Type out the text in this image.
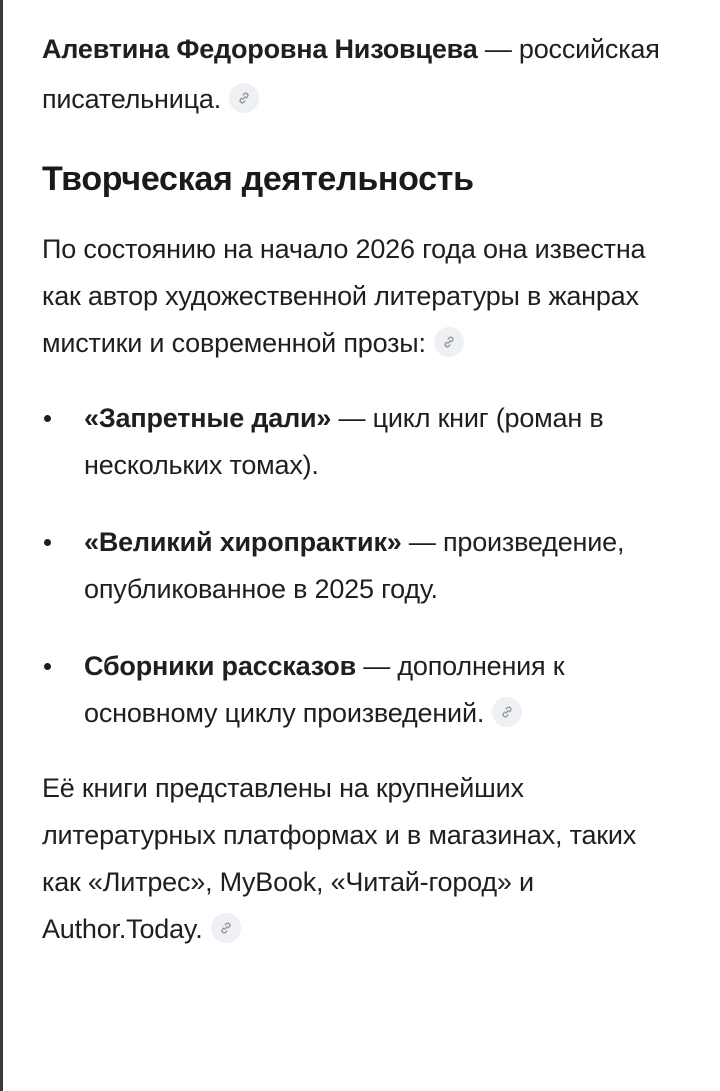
Алевтина Федоровна Низовцева — российская писательница.

Творческая деятельность

По состоянию на начало 2026 года она известна как автор художественной литературы в жанрах мистики и современной прозы:

«Запретные дали» — цикл книг (роман в нескольких томах).
«Великий хиропрактик» — произведение, опубликованное в 2025 году.
Сборники рассказов — дополнения к основному циклу произведений.

Её книги представлены на крупнейших литературных платформах и в магазинах, таких как «Литрес», MyBook, «Читай-город» и Author.Today.
